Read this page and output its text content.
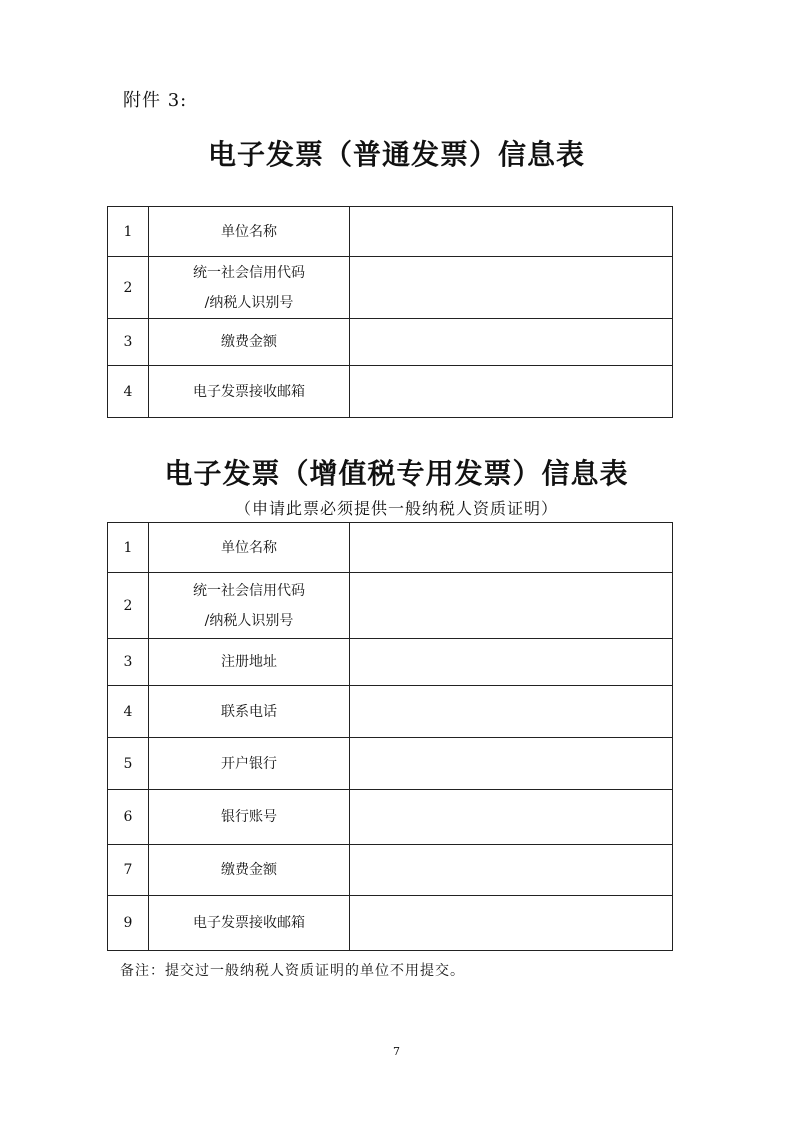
附件 3:
电子发票（普通发票）信息表
1	单位名称	
2	统一社会信用代码
/纳税人识别号	
3	缴费金额	
4	电子发票接收邮箱	
电子发票（增值税专用发票）信息表
（申请此票必须提供一般纳税人资质证明）
1	单位名称	
2	统一社会信用代码
/纳税人识别号	
3	注册地址	
4	联系电话	
5	开户银行	
6	银行账号	
7	缴费金额	
9	电子发票接收邮箱	
备注：提交过一般纳税人资质证明的单位不用提交。
7
